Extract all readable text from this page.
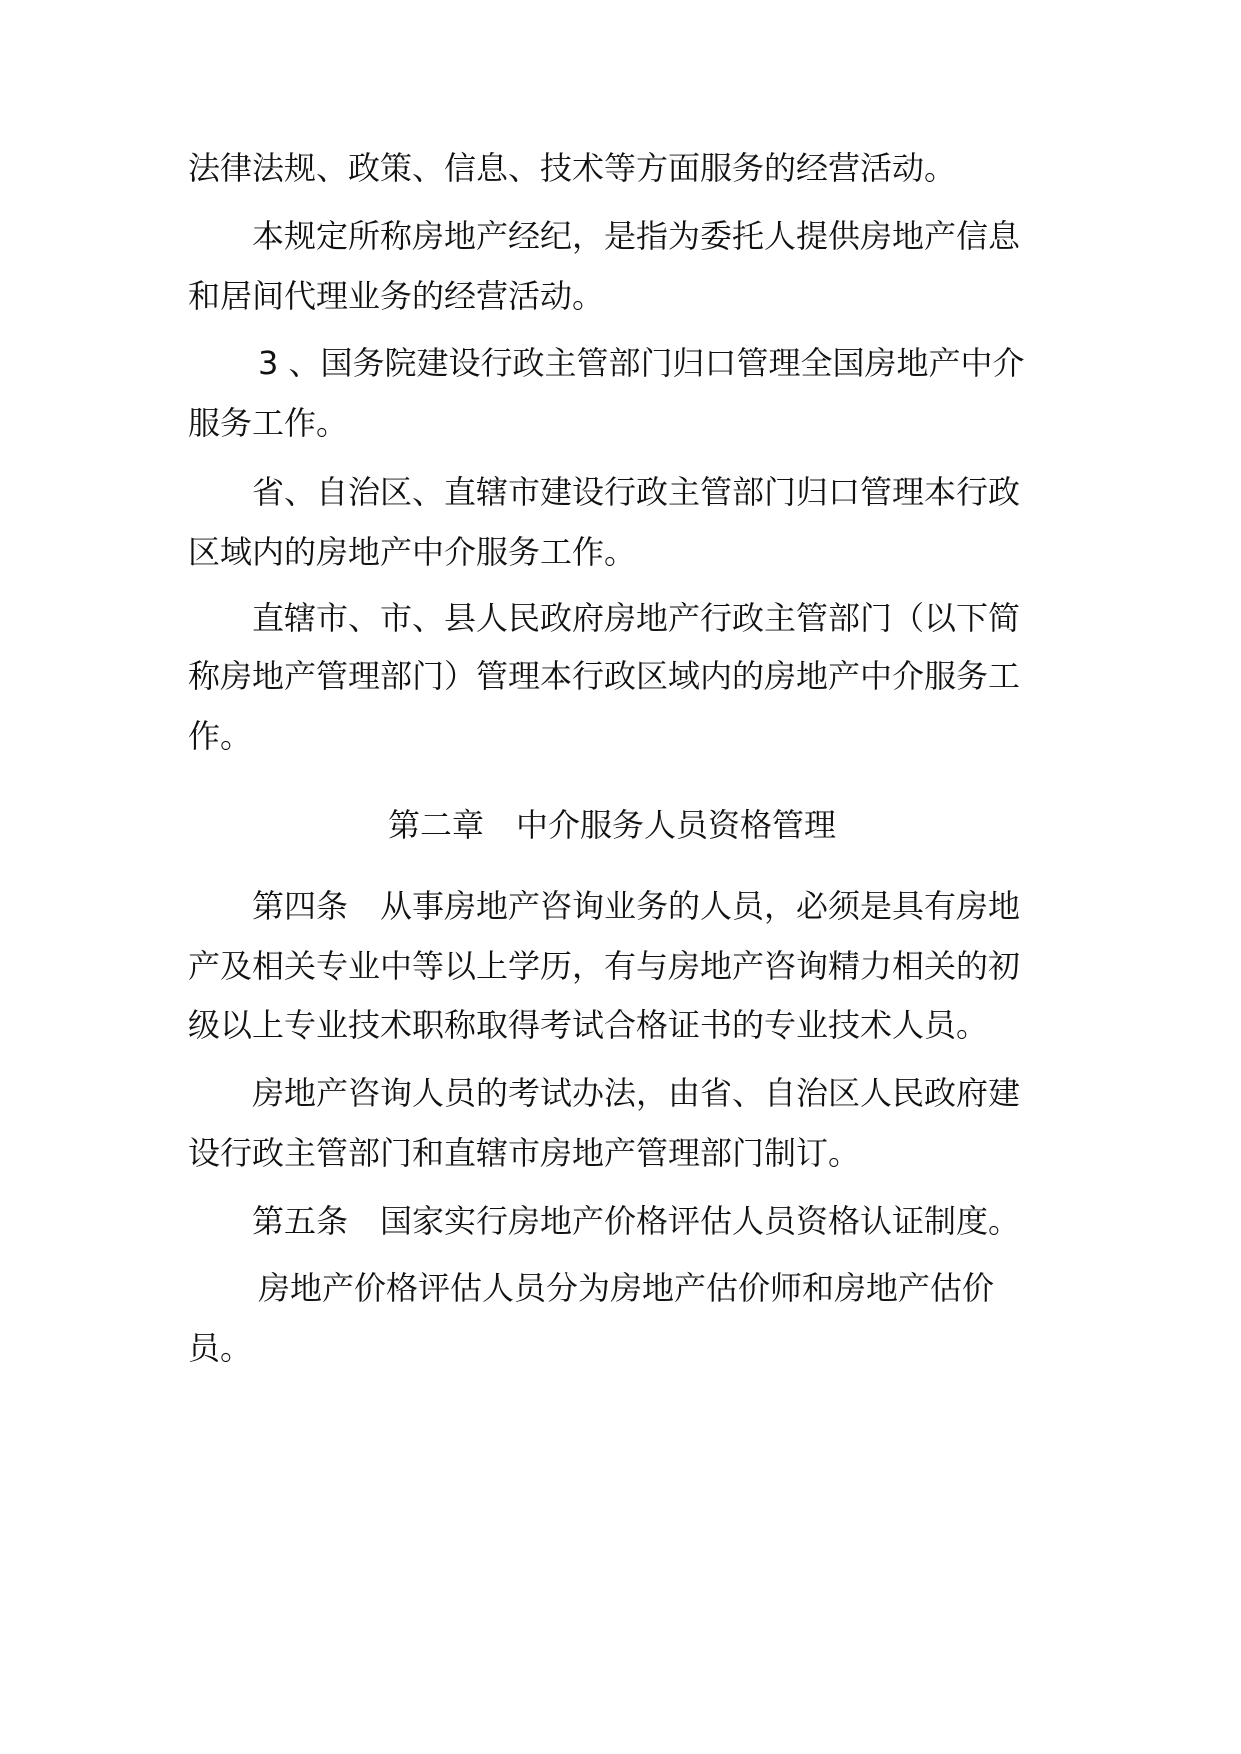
法律法规、政策、信息、技术等方面服务的经营活动。
本规定所称房地产经纪，是指为委托人提供房地产信息
和居间代理业务的经营活动。
3 、国务院建设行政主管部门归口管理全国房地产中介
服务工作。
省、自治区、直辖市建设行政主管部门归口管理本行政
区域内的房地产中介服务工作。
直辖市、市、县人民政府房地产行政主管部门（以下简
称房地产管理部门）管理本行政区域内的房地产中介服务工
作。
第二章　中介服务人员资格管理
第四条　从事房地产咨询业务的人员，必须是具有房地
产及相关专业中等以上学历，有与房地产咨询精力相关的初
级以上专业技术职称取得考试合格证书的专业技术人员。
房地产咨询人员的考试办法，由省、自治区人民政府建
设行政主管部门和直辖市房地产管理部门制订。
第五条　国家实行房地产价格评估人员资格认证制度。
房地产价格评估人员分为房地产估价师和房地产估价
员。
